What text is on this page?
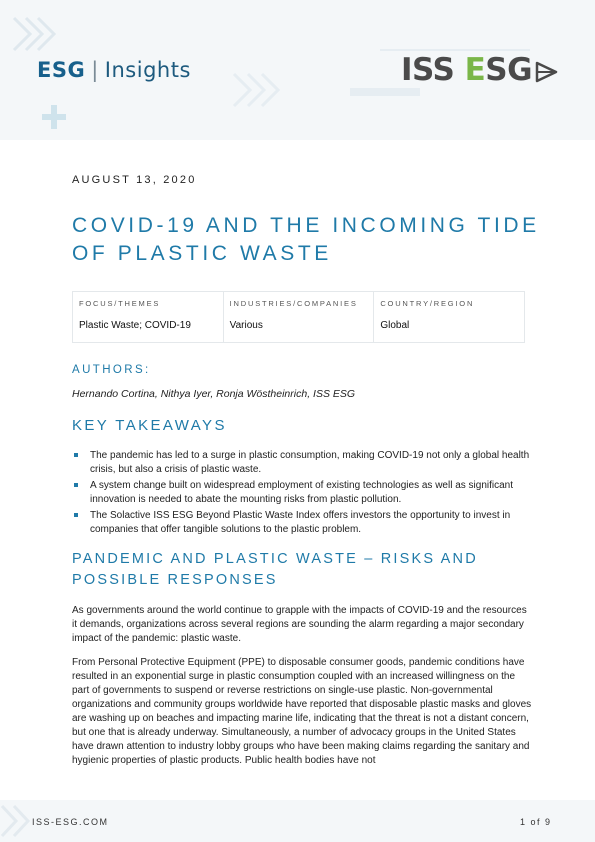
ESG | Insights	ISS ESG
AUGUST 13, 2020
COVID-19 AND THE INCOMING TIDE OF PLASTIC WASTE
FOCUS/THEMES
Plastic Waste; COVID-19
INDUSTRIES/COMPANIES
Various
COUNTRY/REGION
Global
AUTHORS:
Hernando Cortina, Nithya Iyer, Ronja Wöstheinrich, ISS ESG
KEY TAKEAWAYS
The pandemic has led to a surge in plastic consumption, making COVID-19 not only a global health crisis, but also a crisis of plastic waste.
A system change built on widespread employment of existing technologies as well as significant innovation is needed to abate the mounting risks from plastic pollution.
The Solactive ISS ESG Beyond Plastic Waste Index offers investors the opportunity to invest in companies that offer tangible solutions to the plastic problem.
PANDEMIC AND PLASTIC WASTE – RISKS AND POSSIBLE RESPONSES

As governments around the world continue to grapple with the impacts of COVID-19 and the resources it demands, organizations across several regions are sounding the alarm regarding a major secondary impact of the pandemic: plastic waste.

From Personal Protective Equipment (PPE) to disposable consumer goods, pandemic conditions have resulted in an exponential surge in plastic consumption coupled with an increased willingness on the part of governments to suspend or reverse restrictions on single-use plastic. Non-governmental organizations and community groups worldwide have reported that disposable plastic masks and gloves are washing up on beaches and impacting marine life, indicating that the threat is not a distant concern, but one that is already underway. Simultaneously, a number of advocacy groups in the United States have drawn attention to industry lobby groups who have been making claims regarding the sanitary and hygienic properties of plastic products. Public health bodies have not

ISS-ESG.COM	1 of 9
